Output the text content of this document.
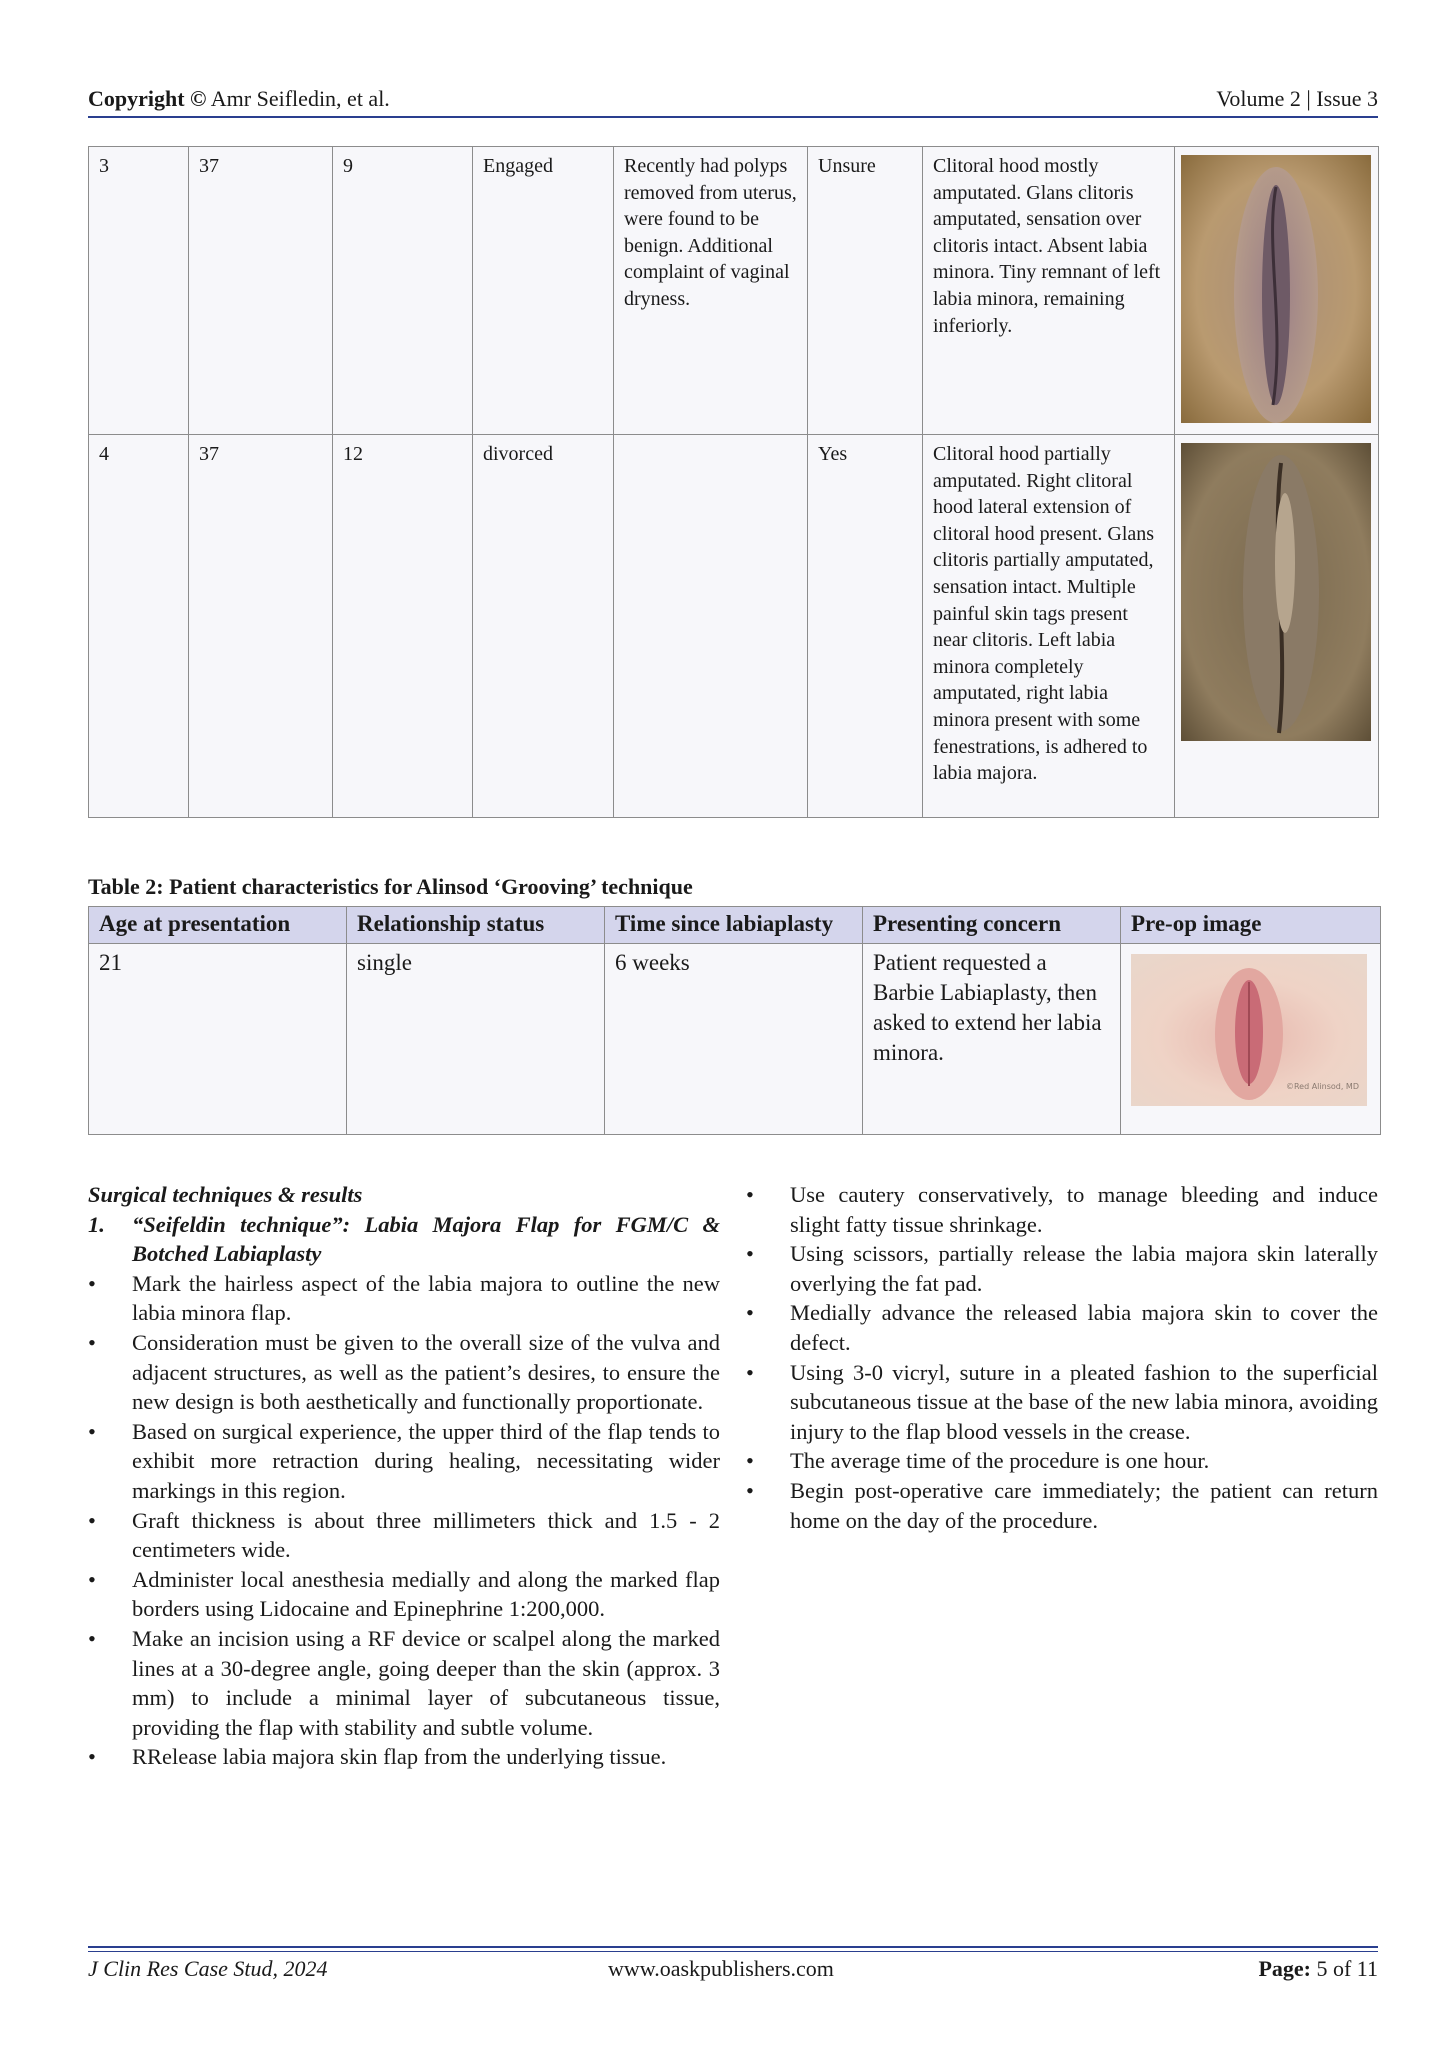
Copyright © Amr Seifledin, et al.	Volume 2 | Issue 3
3	37	9	Engaged	Recently had polyps removed from uterus, were found to be benign. Additional complaint of vaginal dryness.	Unsure	Clitoral hood mostly amputated. Glans clitoris amputated, sensation over clitoris intact. Absent labia minora. Tiny remnant of left labia minora, remaining inferiorly.	

4	37	12	divorced		Yes	Clitoral hood partially amputated. Right clitoral hood lateral extension of clitoral hood present. Glans clitoris partially amputated, sensation intact. Multiple painful skin tags present near clitoris. Left labia minora completely amputated, right labia minora present with some fenestrations, is adhered to labia majora.	
Table 2: Patient characteristics for Alinsod ‘Grooving’ technique
Age at presentation	Relationship status	Time since labiaplasty	Presenting concern	Pre-op image
21	single	6 weeks	Patient requested a Barbie Labiaplasty, then asked to extend her labia minora.	©Red Alinsod, MD

Surgical techniques & results

1. “Seifeldin technique”: Labia Majora Flap for FGM/C & Botched Labiaplasty

• Mark the hairless aspect of the labia majora to outline the new labia minora flap.
• Consideration must be given to the overall size of the vulva and adjacent structures, as well as the patient’s desires, to ensure the new design is both aesthetically and functionally proportionate.
• Based on surgical experience, the upper third of the flap tends to exhibit more retraction during healing, necessitating wider markings in this region.
• Graft thickness is about three millimeters thick and 1.5 - 2 centimeters wide.
• Administer local anesthesia medially and along the marked flap borders using Lidocaine and Epinephrine 1:200,000.
• Make an incision using a RF device or scalpel along the marked lines at a 30-degree angle, going deeper than the skin (approx. 3 mm) to include a minimal layer of subcutaneous tissue, providing the flap with stability and subtle volume.
• RRelease labia majora skin flap from the underlying tissue.
• Use cautery conservatively, to manage bleeding and induce slight fatty tissue shrinkage.
• Using scissors, partially release the labia majora skin laterally overlying the fat pad.
• Medially advance the released labia majora skin to cover the defect.
• Using 3-0 vicryl, suture in a pleated fashion to the superficial subcutaneous tissue at the base of the new labia minora, avoiding injury to the flap blood vessels in the crease.
• The average time of the procedure is one hour.
• Begin post-operative care immediately; the patient can return home on the day of the procedure.
J Clin Res Case Stud, 2024	www.oaskpublishers.com	Page: 5 of 11
